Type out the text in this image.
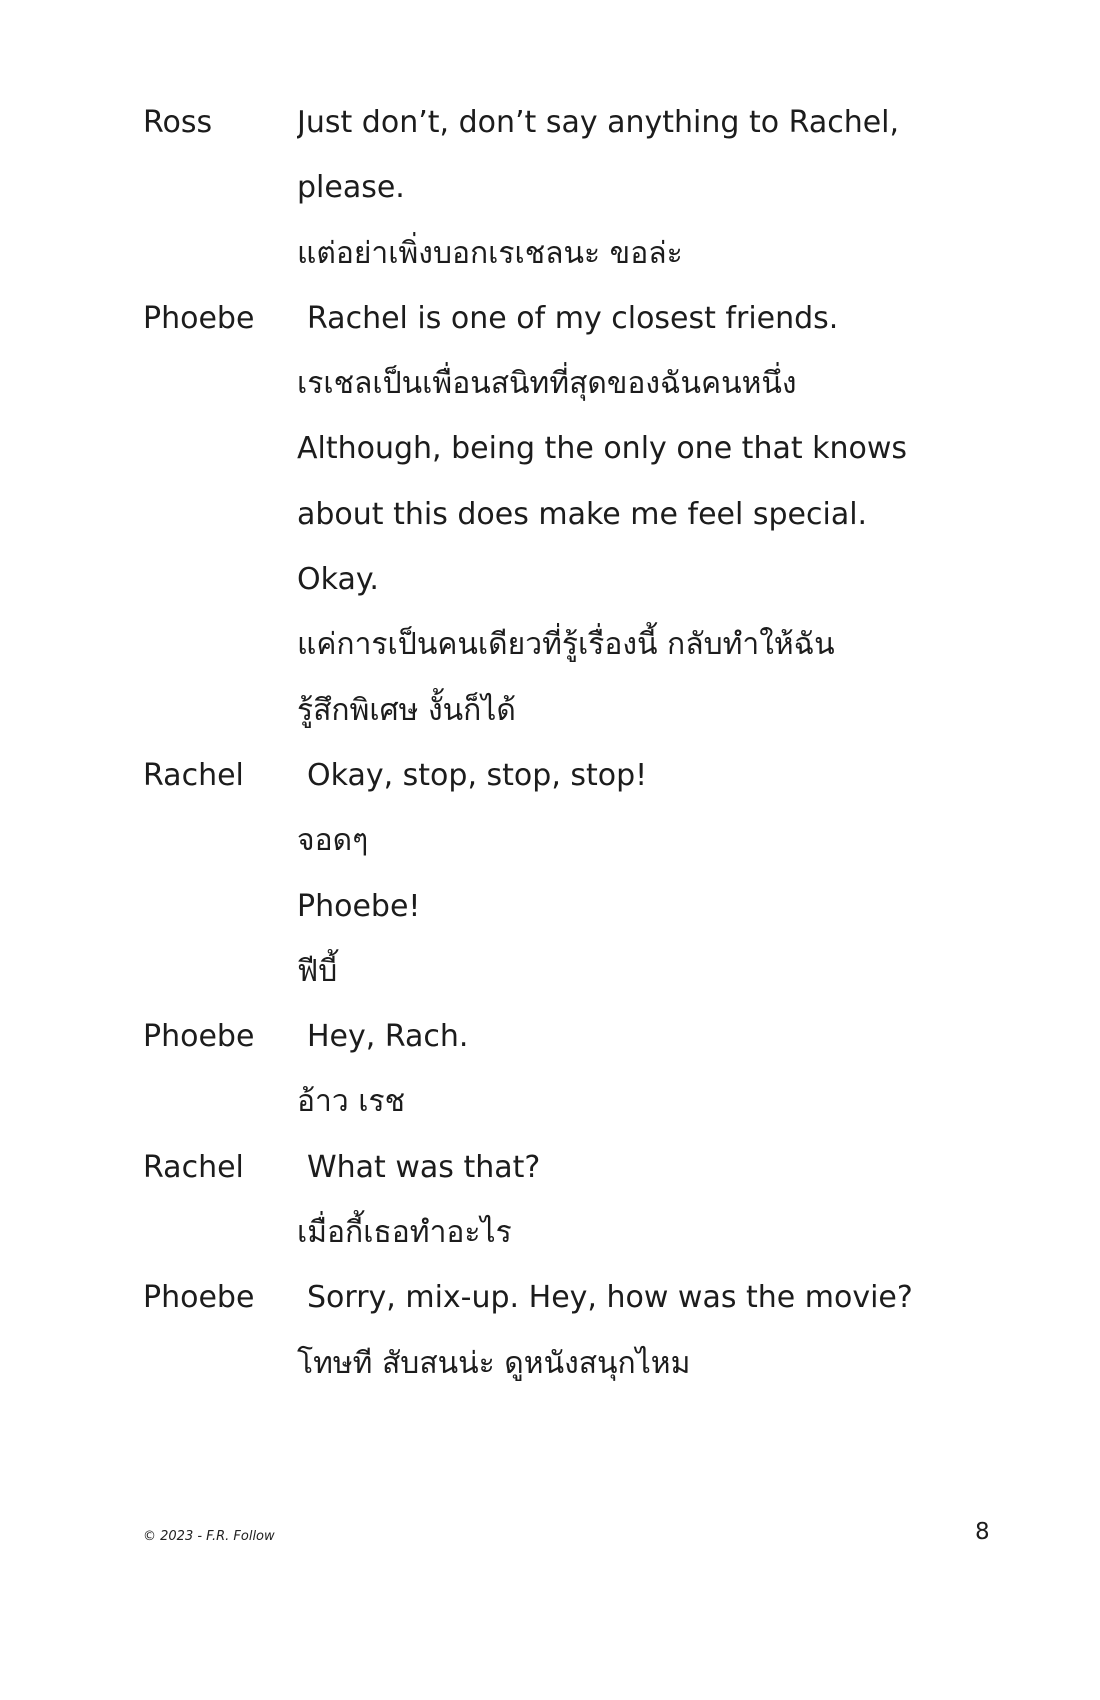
Ross	Just don’t, don’t say anything to Rachel,
please.
แต่อย่าเพิ่งบอกเรเชลนะ ขอล่ะ
Phoebe	Rachel is one of my closest friends.
เรเชลเป็นเพื่อนสนิทที่สุดของฉันคนหนึ่ง
Although, being the only one that knows
about this does make me feel special.
Okay.
แค่การเป็นคนเดียวที่รู้เรื่องนี้ กลับทำให้ฉัน
รู้สึกพิเศษ งั้นก็ได้
Rachel	Okay, stop, stop, stop!
จอดๆ
Phoebe!
ฟีบี้
Phoebe	Hey, Rach.
อ้าว เรช
Rachel	What was that?
เมื่อกี้เธอทำอะไร
Phoebe	Sorry, mix-up. Hey, how was the movie?
โทษที สับสนน่ะ ดูหนังสนุกไหม
© 2023 - F.R. Follow	8
